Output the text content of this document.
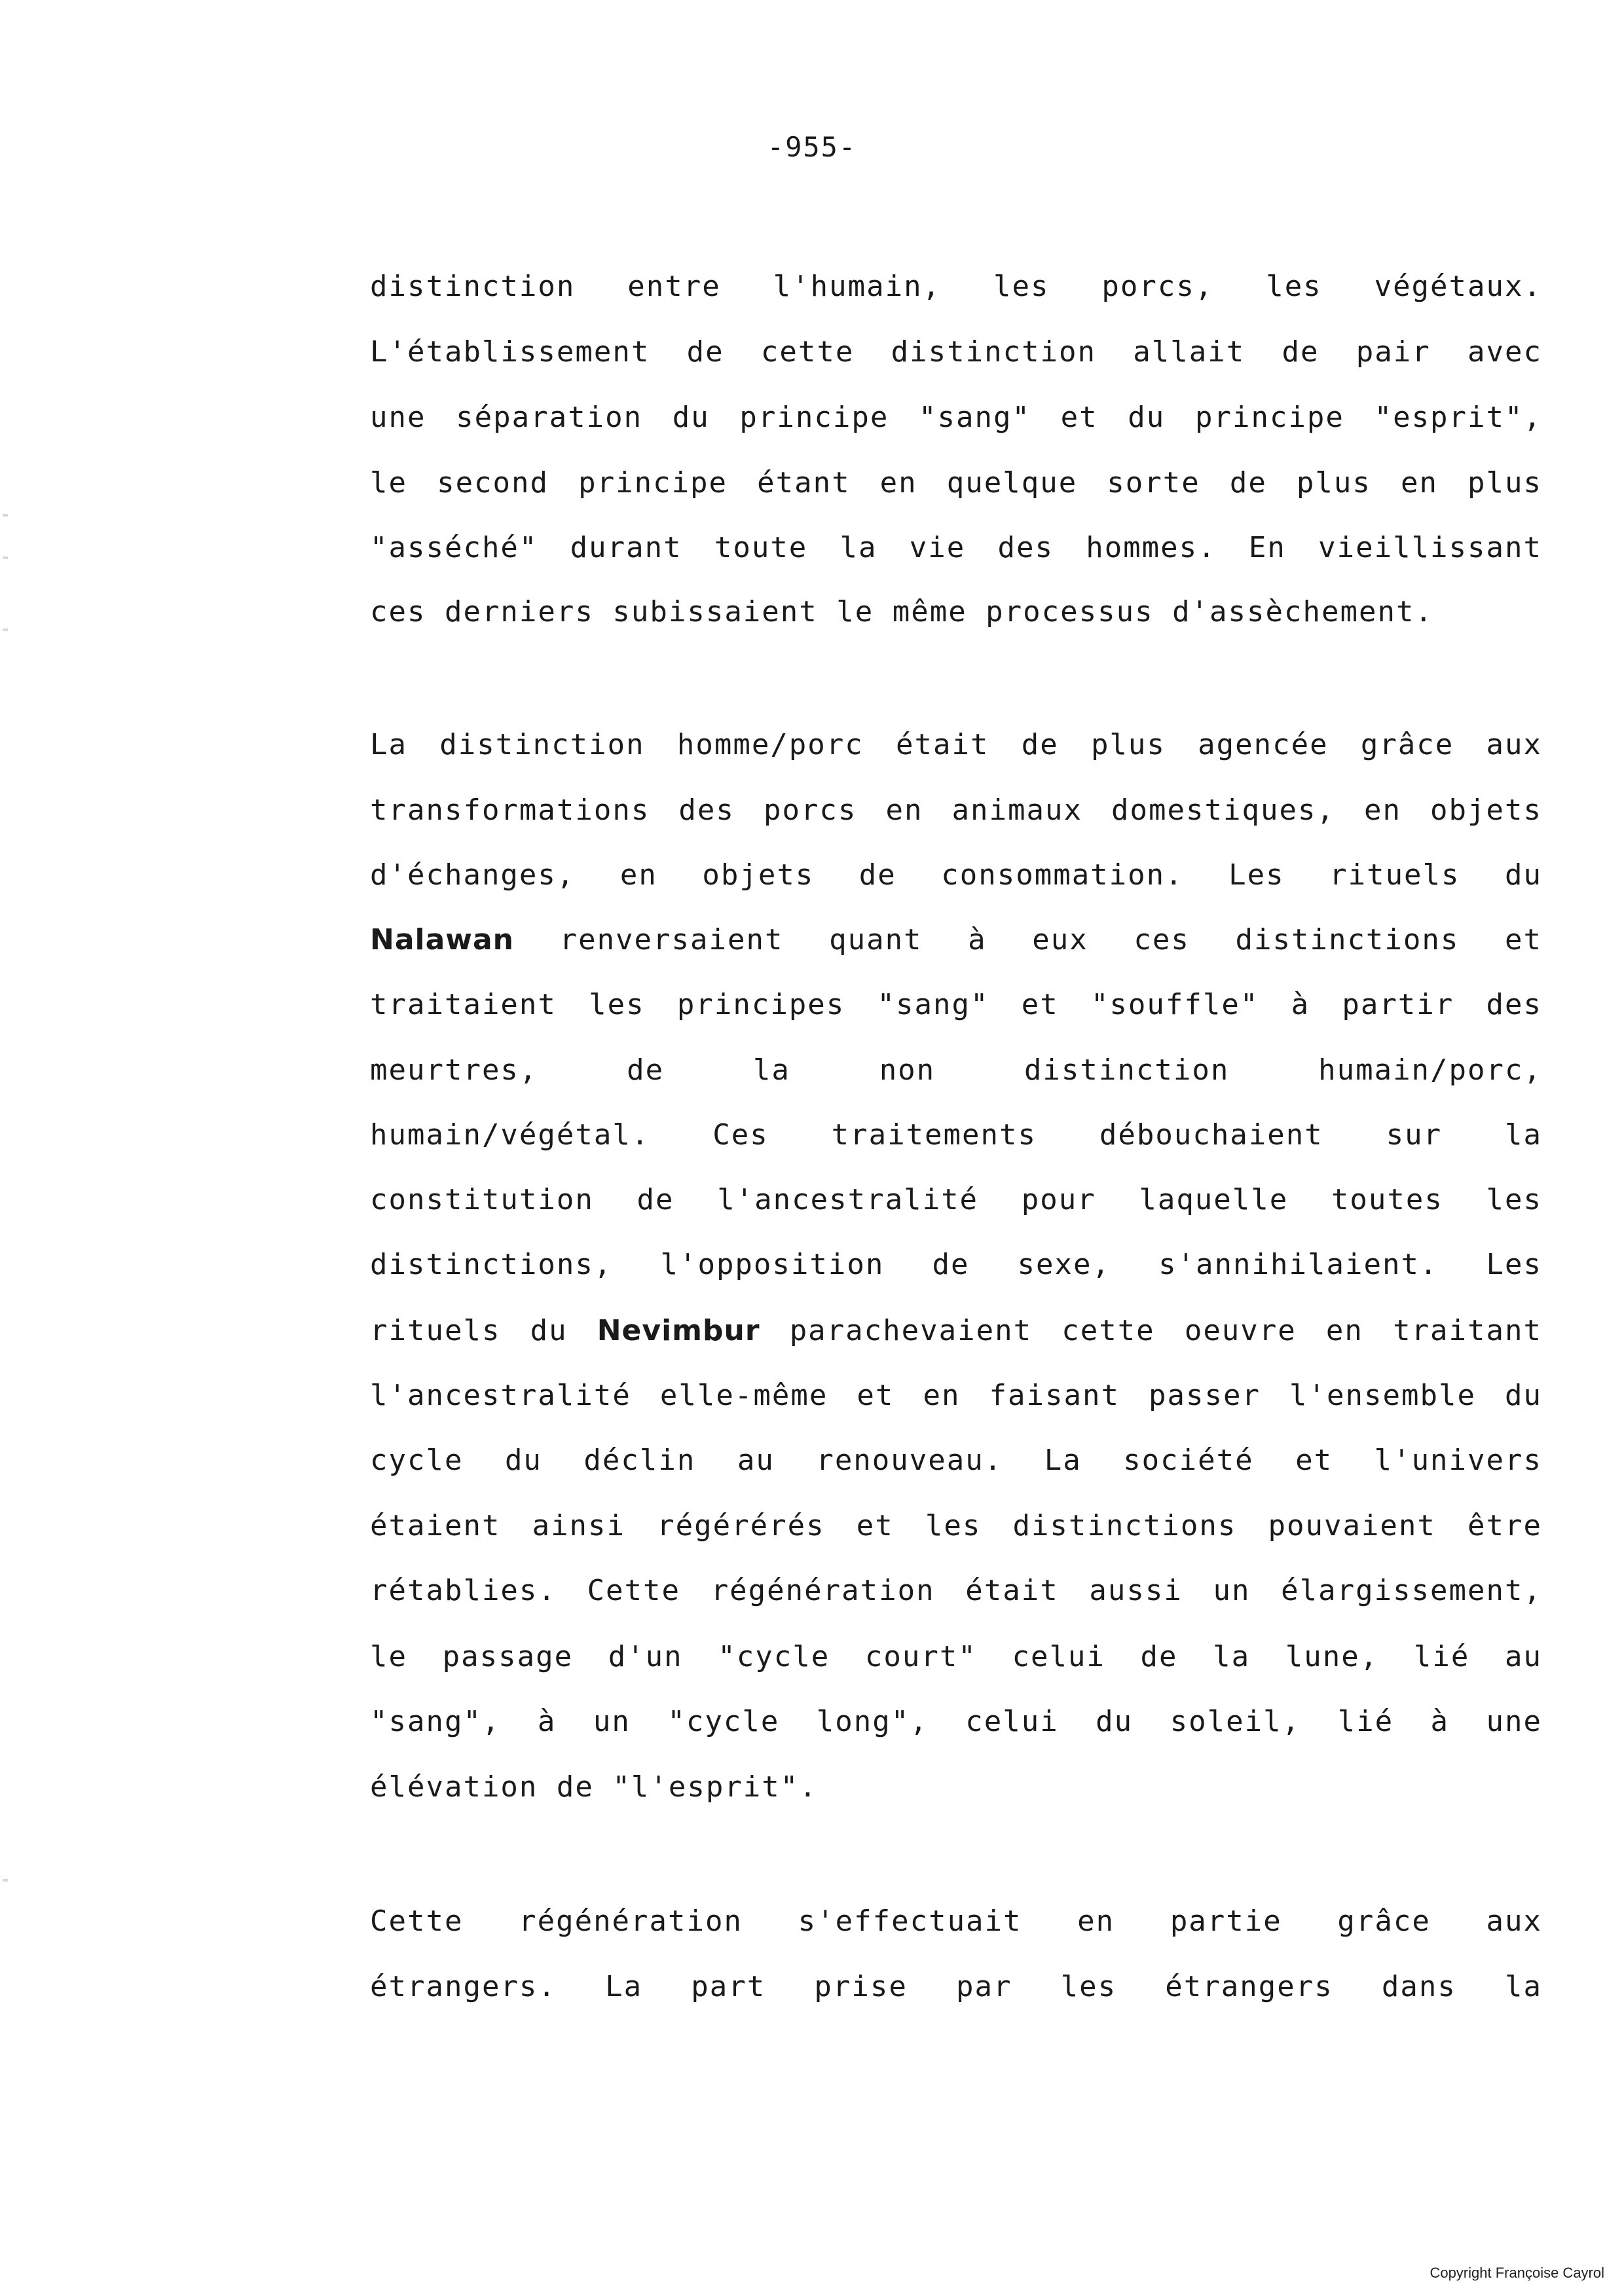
-955-
distinction entre l'humain, les porcs, les végétaux.
L'établissement de cette distinction allait de pair avec
une séparation du principe "sang" et du principe "esprit",
le second principe étant en quelque sorte de plus en plus
"asséché" durant toute la vie des hommes. En vieillissant
ces derniers subissaient le même processus d'assèchement.
La distinction homme/porc était de plus agencée grâce aux
transformations des porcs en animaux domestiques, en objets
d'échanges, en objets de consommation. Les rituels du
Nalawan renversaient quant à eux ces distinctions et
traitaient les principes "sang" et "souffle" à partir des
meurtres, de la non distinction humain/porc,
humain/végétal. Ces traitements débouchaient sur la
constitution de l'ancestralité pour laquelle toutes les
distinctions, l'opposition de sexe, s'annihilaient. Les
rituels du Nevimbur parachevaient cette oeuvre en traitant
l'ancestralité elle-même et en faisant passer l'ensemble du
cycle du déclin au renouveau. La société et l'univers
étaient ainsi régérérés et les distinctions pouvaient être
rétablies. Cette régénération était aussi un élargissement,
le passage d'un "cycle court" celui de la lune, lié au
"sang", à un "cycle long", celui du soleil, lié à une
élévation de "l'esprit".
Cette régénération s'effectuait en partie grâce aux
étrangers. La part prise par les étrangers dans la
Copyright Françoise Cayrol
